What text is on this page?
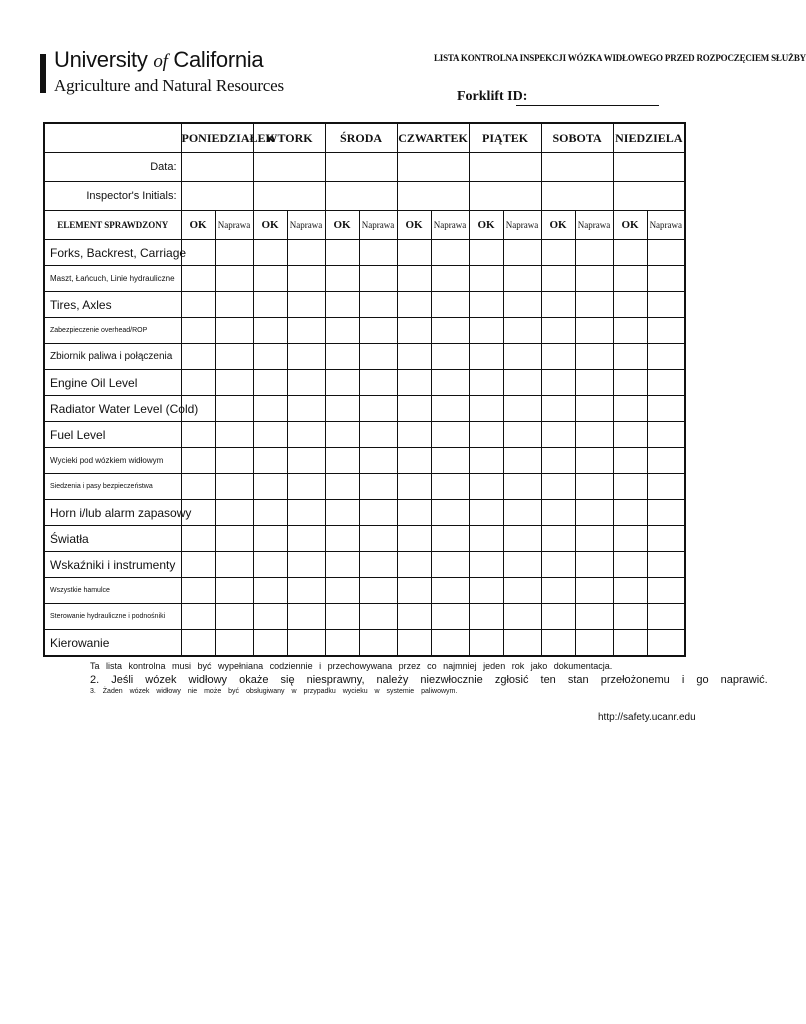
University of California
Agriculture and Natural Resources
LISTA KONTROLNA INSPEKCJI WÓZKA WIDŁOWEGO PRZED ROZPOCZĘCIEM SŁUŻBY
Forklift ID:
	PONIEDZIAŁEK		WTORK		ŚRODA		CZWARTEK		PIĄTEK		SOBOTA		NIEDZIELA	
Data:														
Inspector's Initials:														
ELEMENT SPRAWDZONY	OK	Naprawa	OK	Naprawa	OK	Naprawa	OK	Naprawa	OK	Naprawa	OK	Naprawa	OK	Naprawa
Forks, Backrest, Carriage														
Maszt, Łańcuch, Linie hydrauliczne														
Tires, Axles														
Zabezpieczenie overhead/ROP														
Zbiornik paliwa i połączenia														
Engine Oil Level														
Radiator Water Level (Cold)														
Fuel Level														
Wycieki pod wózkiem widłowym														
Siedzenia i pasy bezpieczeństwa														
Horn i/lub alarm zapasowy														
Światła														
Wskaźniki i instrumenty														
Wszystkie hamulce														
Sterowanie hydrauliczne i podnośniki														
Kierowanie														
Ta lista kontrolna musi być wypełniana codziennie i przechowywana przez co najmniej jeden rok jako dokumentacja.
2. Jeśli wózek widłowy okaże się niesprawny, należy niezwłocznie zgłosić ten stan przełożonemu i go naprawić.
3. Żaden wózek widłowy nie może być obsługiwany w przypadku wycieku w systemie paliwowym.
http://safety.ucanr.edu
